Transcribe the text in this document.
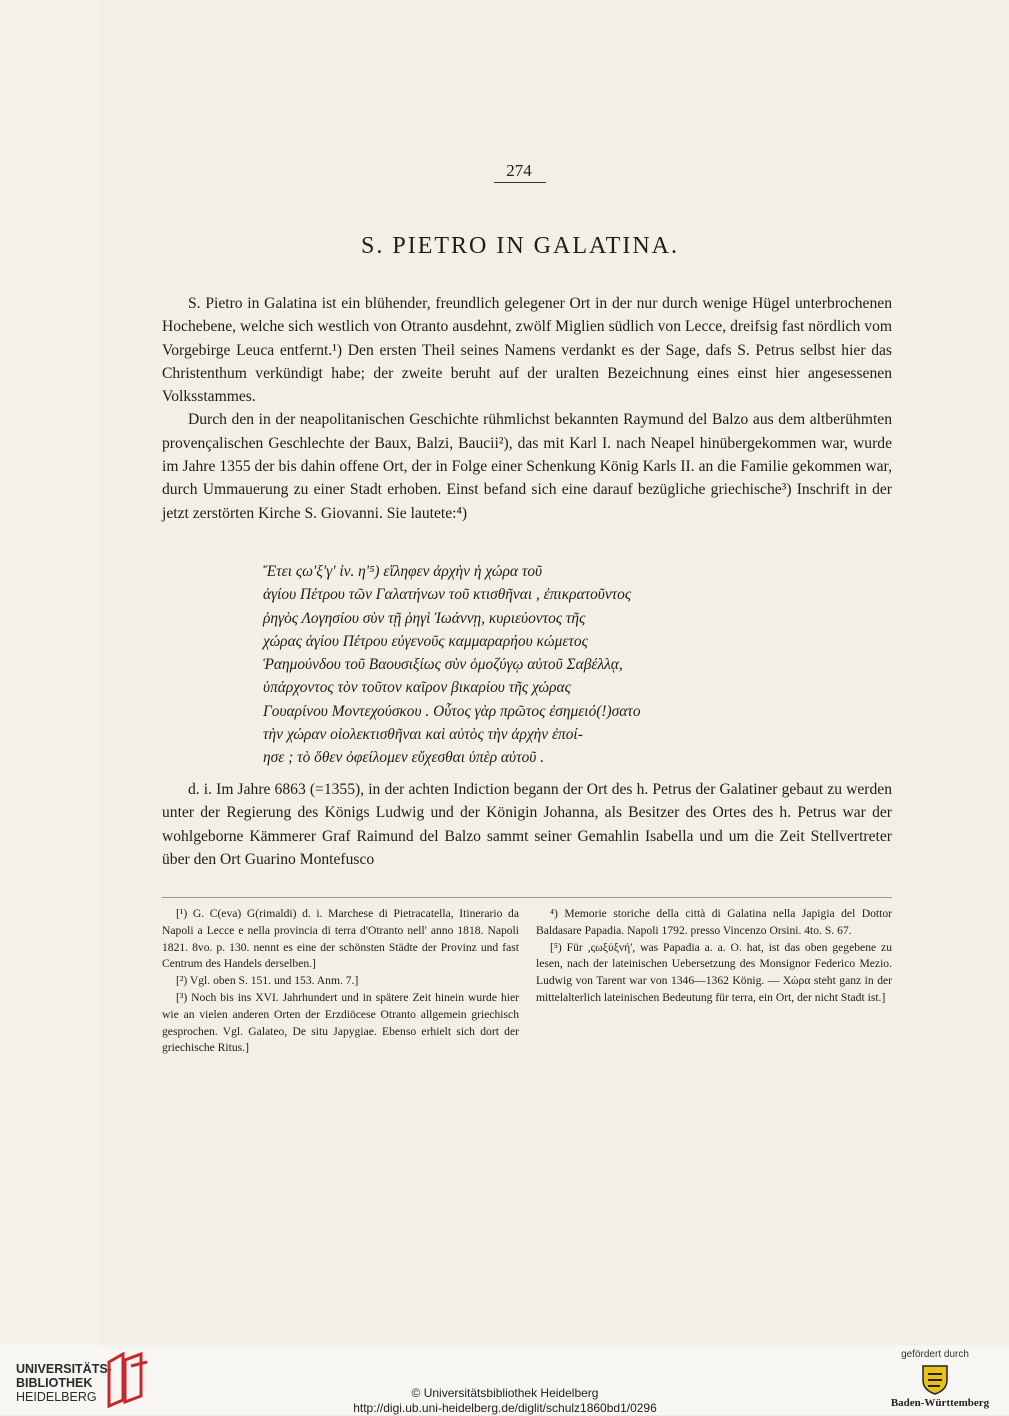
274
S. PIETRO IN GALATINA.

S. Pietro in Galatina ist ein blühender, freundlich gelegener Ort in der nur durch wenige Hügel unterbrochenen Hochebene, welche sich westlich von Otranto ausdehnt, zwölf Miglien südlich von Lecce, dreifsig fast nördlich vom Vorgebirge Leuca entfernt.¹) Den ersten Theil seines Namens verdankt es der Sage, dafs S. Petrus selbst hier das Christenthum verkündigt habe; der zweite beruht auf der uralten Bezeichnung eines einst hier angesessenen Volksstammes.

Durch den in der neapolitanischen Geschichte rühmlichst bekannten Raymund del Balzo aus dem altberühmten provençalischen Geschlechte der Baux, Balzi, Baucii²), das mit Karl I. nach Neapel hinübergekommen war, wurde im Jahre 1355 der bis dahin offene Ort, der in Folge einer Schenkung König Karls II. an die Familie gekommen war, durch Ummauerung zu einer Stadt erhoben. Einst befand sich eine darauf bezügliche griechische³) Inschrift in der jetzt zerstörten Kirche S. Giovanni. Sie lautete:⁴)

Ἔτει ςω'ξ'γ' ἰν. η'⁵) εἴληφεν ἀρχὴν ἡ χώρα τοῦ
ἁγίου Πέτρου τῶν Γαλατήνων τοῦ κτισθῆναι , ἐπικρατοῦντος
ῥηγὸς Λογησίου σὺν τῇ ῥηγὶ Ἰωάννῃ, κυριεύοντος τῆς
χώρας ἁγίου Πέτρου εὐγενοῦς καμμαραρήου κώμετος
Ῥαημούνδου τοῦ Βαουσιξίως σὺν ὁμοζύγῳ αὐτοῦ Σαβέλλᾳ,
ὑπάρχοντος τὸν τοῦτον καῖρον βικαρίου τῆς χώρας
Γουαρίνου Μοντεχούσκου . Οὗτος γὰρ πρῶτος ἐσημειό(!)σατο
τὴν χώραν οἰολεκτισθῆναι καὶ αὐτὸς τὴν ἀρχὴν ἐποί-
ησε ; τὸ ὅθεν ὀφείλομεν εὔχεσθαι ὑπὲρ αὐτοῦ .

d. i. Im Jahre 6863 (=1355), in der achten Indiction begann der Ort des h. Petrus der Galatiner gebaut zu werden unter der Regierung des Königs Ludwig und der Königin Johanna, als Besitzer des Ortes des h. Petrus war der wohlgeborne Kämmerer Graf Raimund del Balzo sammt seiner Gemahlin Isabella und um die Zeit Stellvertreter über den Ort Guarino Montefusco

[¹) G. C(eva) G(rimaldi) d. i. Marchese di Pietracatella, Itinerario da Napoli a Lecce e nella provincia di terra d'Otranto nell' anno 1818. Napoli 1821. 8vo. p. 130. nennt es eine der schönsten Städte der Provinz und fast Centrum des Handels derselben.]

[²) Vgl. oben S. 151. und 153. Anm. 7.]

[³) Noch bis ins XVI. Jahrhundert und in spätere Zeit hinein wurde hier wie an vielen anderen Orten der Erzdiöcese Otranto allgemein griechisch gesprochen. Vgl. Galateo, De situ Japygiae. Ebenso erhielt sich dort der griechische Ritus.]

⁴) Memorie storiche della città di Galatina nella Japigia del Dottor Baldasare Papadia. Napoli 1792. presso Vincenzo Orsini. 4to. S. 67.

[⁵) Für ,ςωξύξνή', was Papadia a. a. O. hat, ist das oben gegebene zu lesen, nach der lateinischen Uebersetzung des Monsignor Federico Mezio. Ludwig von Tarent war von 1346—1362 König. — Χώρα steht ganz in der mittelalterlich lateinischen Bedeutung für terra, ein Ort, der nicht Stadt ist.]

UNIVERSITÄTS-
BIBLIOTHEK
HEIDELBERG	© Universitätsbibliothek Heidelberg
http://digi.ub.uni-heidelberg.de/diglit/schulz1860bd1/0296
gefördert durch
Baden-Württemberg
